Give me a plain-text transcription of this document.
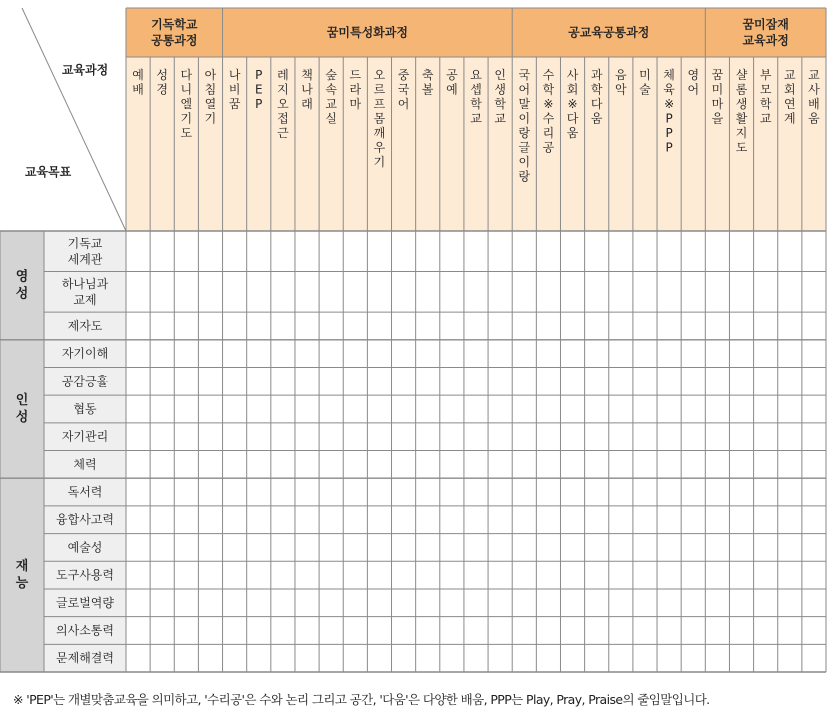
교육과정
교육목표
기독학교 공통과정
예 배
성 경
다 니 엘 기 도
아 침 열 기
꿈미특성화과정
나 비 꿈
P E P
레 지 오 접 근
책 나 래
숲 속 교 실
드 라 마
오 르 프 몸 깨 우 기
중 국 어
축 볼
공 예
요 셉 학 교
인 생 학 교
공교육공통과정
국 어 말 이 랑 글 이 랑
수 학 ※ 수 리 공
사 회 ※ 다 움
과 학 다 움
음 악
미 술
체 육 ※ P P P
영 어
꿈미잠재 교육과정
꿈 미 마 을
샬 롬 생 활 지 도
부 모 학 교
교 회 연 계
교 사 배 움
영 성
기독교 세계관
하나님과 교제
제자도
인 성
자기이해
공감긍휼
협동
자기관리
체력
재 능
독서력
융합사고력
예술성
도구사용력
글로벌역량
의사소통력
문제해결력
※ 'PEP'는 개별맞춤교육을 의미하고, '수리공'은 수와 논리 그리고 공간, '다움'은 다양한 배움, PPP는 Play, Pray, Praise의 줄임말입니다.
